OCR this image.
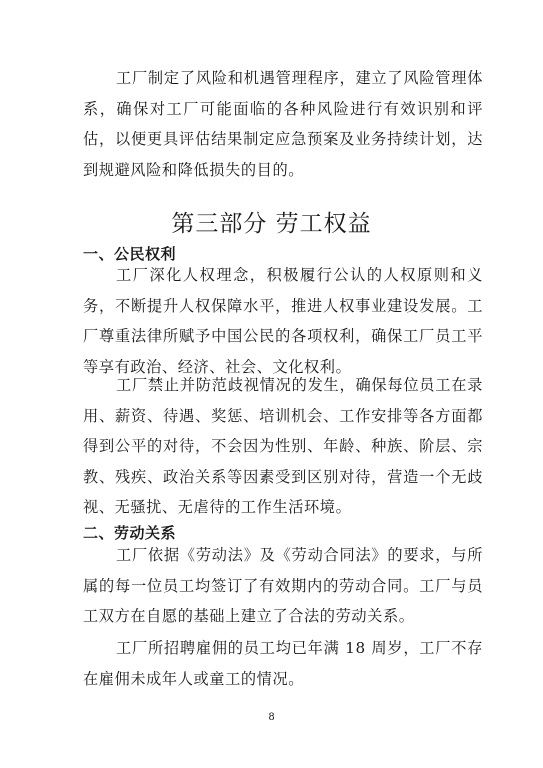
工厂制定了风险和机遇管理程序，建立了风险管理体系，确保对工厂可能面临的各种风险进行有效识别和评估，以便更具评估结果制定应急预案及业务持续计划，达到规避风险和降低损失的目的。

第三部分 劳工权益
一、公民权利

工厂深化人权理念，积极履行公认的人权原则和义务，不断提升人权保障水平，推进人权事业建设发展。工厂尊重法律所赋予中国公民的各项权利，确保工厂员工平等享有政治、经济、社会、文化权利。

工厂禁止并防范歧视情况的发生，确保每位员工在录用、薪资、待遇、奖惩、培训机会、工作安排等各方面都得到公平的对待，不会因为性别、年龄、种族、阶层、宗教、残疾、政治关系等因素受到区别对待，营造一个无歧视、无骚扰、无虐待的工作生活环境。

二、劳动关系

工厂依据《劳动法》及《劳动合同法》的要求，与所属的每一位员工均签订了有效期内的劳动合同。工厂与员工双方在自愿的基础上建立了合法的劳动关系。

工厂所招聘雇佣的员工均已年满 18 周岁，工厂不存在雇佣未成年人或童工的情况。

8
